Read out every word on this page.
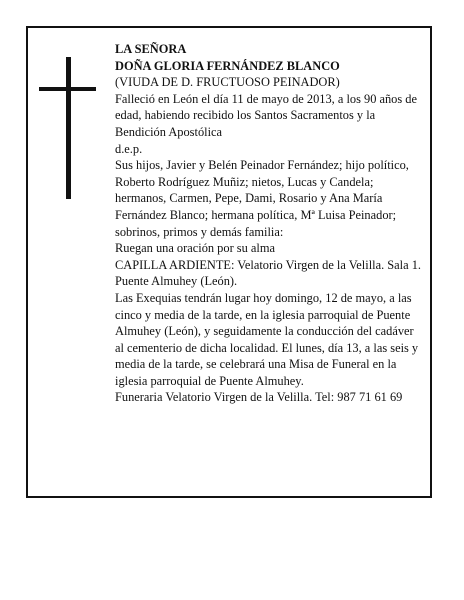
LA SEÑORA
DOÑA GLORIA FERNÁNDEZ BLANCO
(VIUDA DE D. FRUCTUOSO PEINADOR)
Falleció en León el día 11 de mayo de 2013, a los 90 años de edad, habiendo recibido los Santos Sacramentos y la Bendición Apostólica
d.e.p.
Sus hijos, Javier y Belén Peinador Fernández; hijo político, Roberto Rodríguez Muñiz; nietos, Lucas y Candela; hermanos, Carmen, Pepe, Dami, Rosario y Ana María Fernández Blanco; hermana política, Mª Luisa Peinador; sobrinos, primos y demás familia:
Ruegan una oración por su alma
CAPILLA ARDIENTE: Velatorio Virgen de la Velilla. Sala 1. Puente Almuhey (León).
Las Exequias tendrán lugar hoy domingo, 12 de mayo, a las cinco y media de la tarde, en la iglesia parroquial de Puente Almuhey (León), y seguidamente la conducción del cadáver al cementerio de dicha localidad. El lunes, día 13, a las seis y media de la tarde, se celebrará una Misa de Funeral en la iglesia parroquial de Puente Almuhey.
Funeraria Velatorio Virgen de la Velilla. Tel: 987 71 61 69
